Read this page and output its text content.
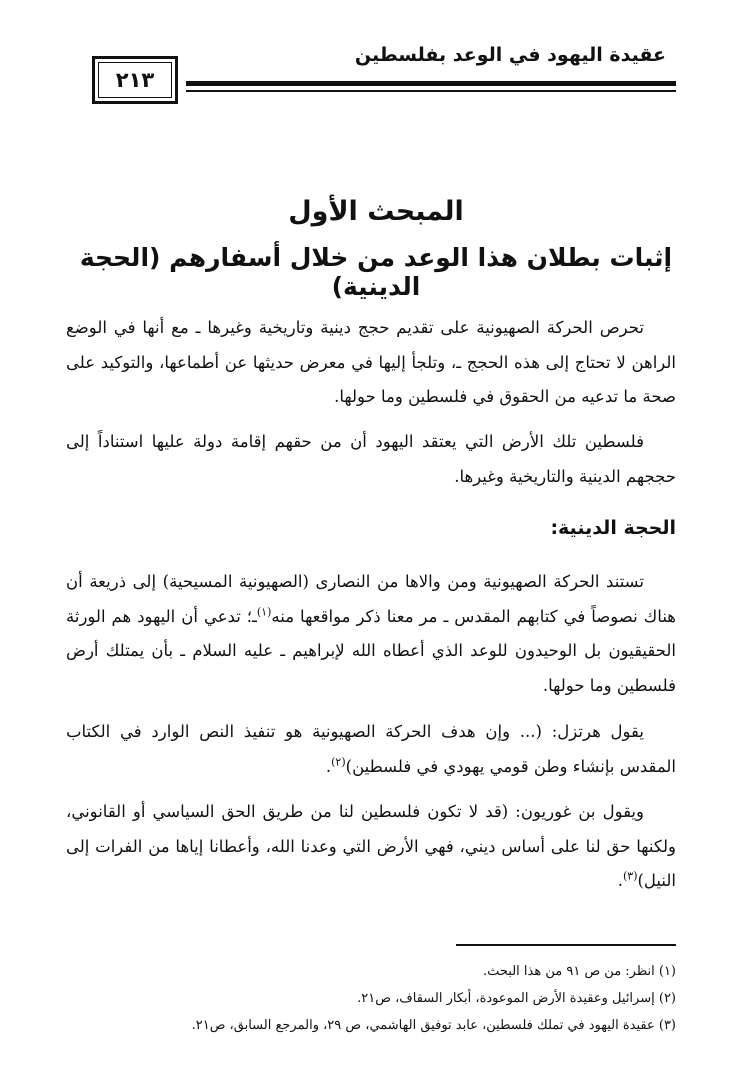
عقيدة اليهود في الوعد بفلسطين
٢١٣
المبحث الأول
إثبات بطلان هذا الوعد من خلال أسفارهم (الحجة الدينية)

تحرص الحركة الصهيونية على تقديم حجج دينية وتاريخية وغيرها ـ مع أنها في الوضع الراهن لا تحتاج إلى هذه الحجج ـ، وتلجأ إليها في معرض حديثها عن أطماعها، والتوكيد على صحة ما تدعيه من الحقوق في فلسطين وما حولها.

فلسطين تلك الأرض التي يعتقد اليهود أن من حقهم إقامة دولة عليها استناداً إلى حججهم الدينية والتاريخية وغيرها.

الحجة الدينية:

تستند الحركة الصهيونية ومن والاها من النصارى (الصهيونية المسيحية) إلى ذريعة أن هناك نصوصاً في كتابهم المقدس ـ مر معنا ذكر مواقعها منه$^{(١)}$ـ؛ تدعي أن اليهود هم الورثة الحقيقيون بل الوحيدون للوعد الذي أعطاه الله لإبراهيم ـ عليه السلام ـ بأن يمتلك أرض فلسطين وما حولها.

يقول هرتزل: (... وإن هدف الحركة الصهيونية هو تنفيذ النص الوارد في الكتاب المقدس بإنشاء وطن قومي يهودي في فلسطين)$^{(٢)}$.

ويقول بن غوريون: (قد لا تكون فلسطين لنا من طريق الحق السياسي أو القانوني، ولكنها حق لنا على أساس ديني، فهي الأرض التي وعدنا الله، وأعطانا إياها من الفرات إلى النيل)$^{(٣)}$.

(١) انظر: من ص ٩١ من هذا البحث.

(٢) إسرائيل وعقيدة الأرض الموعودة، أبكار السقاف، ص٢١.

(٣) عقيدة اليهود في تملك فلسطين، عابد توفيق الهاشمي، ص ٢٩، والمرجع السابق، ص٢١.
